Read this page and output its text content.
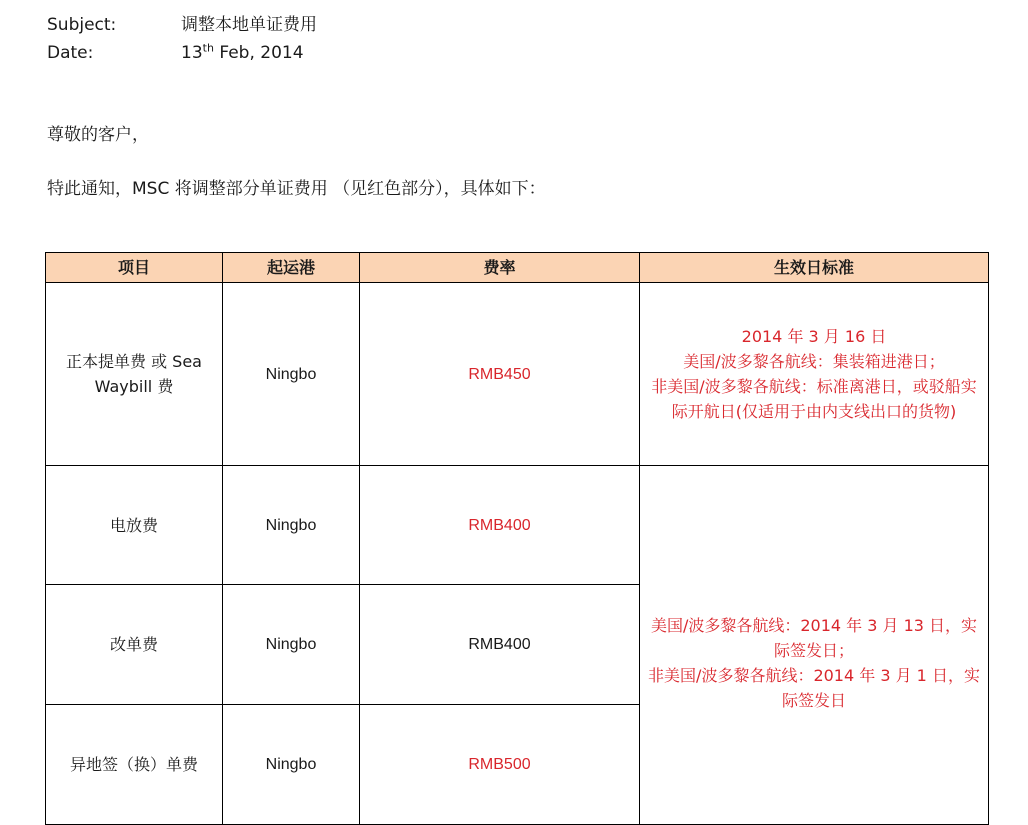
Subject:	调整本地单证费用
Date:	13th Feb, 2014
尊敬的客户，
特此通知，MSC 将调整部分单证费用 （见红色部分），具体如下：
项目	起运港	费率	生效日标准
正本提单费 或 Sea Waybill 费	Ningbo	RMB450	2014 年 3 月 16 日
美国/波多黎各航线：集装箱进港日；
非美国/波多黎各航线：标准离港日，或驳船实际开航日(仅适用于由内支线出口的货物)

电放费	Ningbo	RMB400	美国/波多黎各航线：2014 年 3 月 13 日，实际签发日；
非美国/波多黎各航线：2014 年 3 月 1 日，实际签发日

改单费	Ningbo	RMB400	
异地签（换）单费	Ningbo	RMB500	
